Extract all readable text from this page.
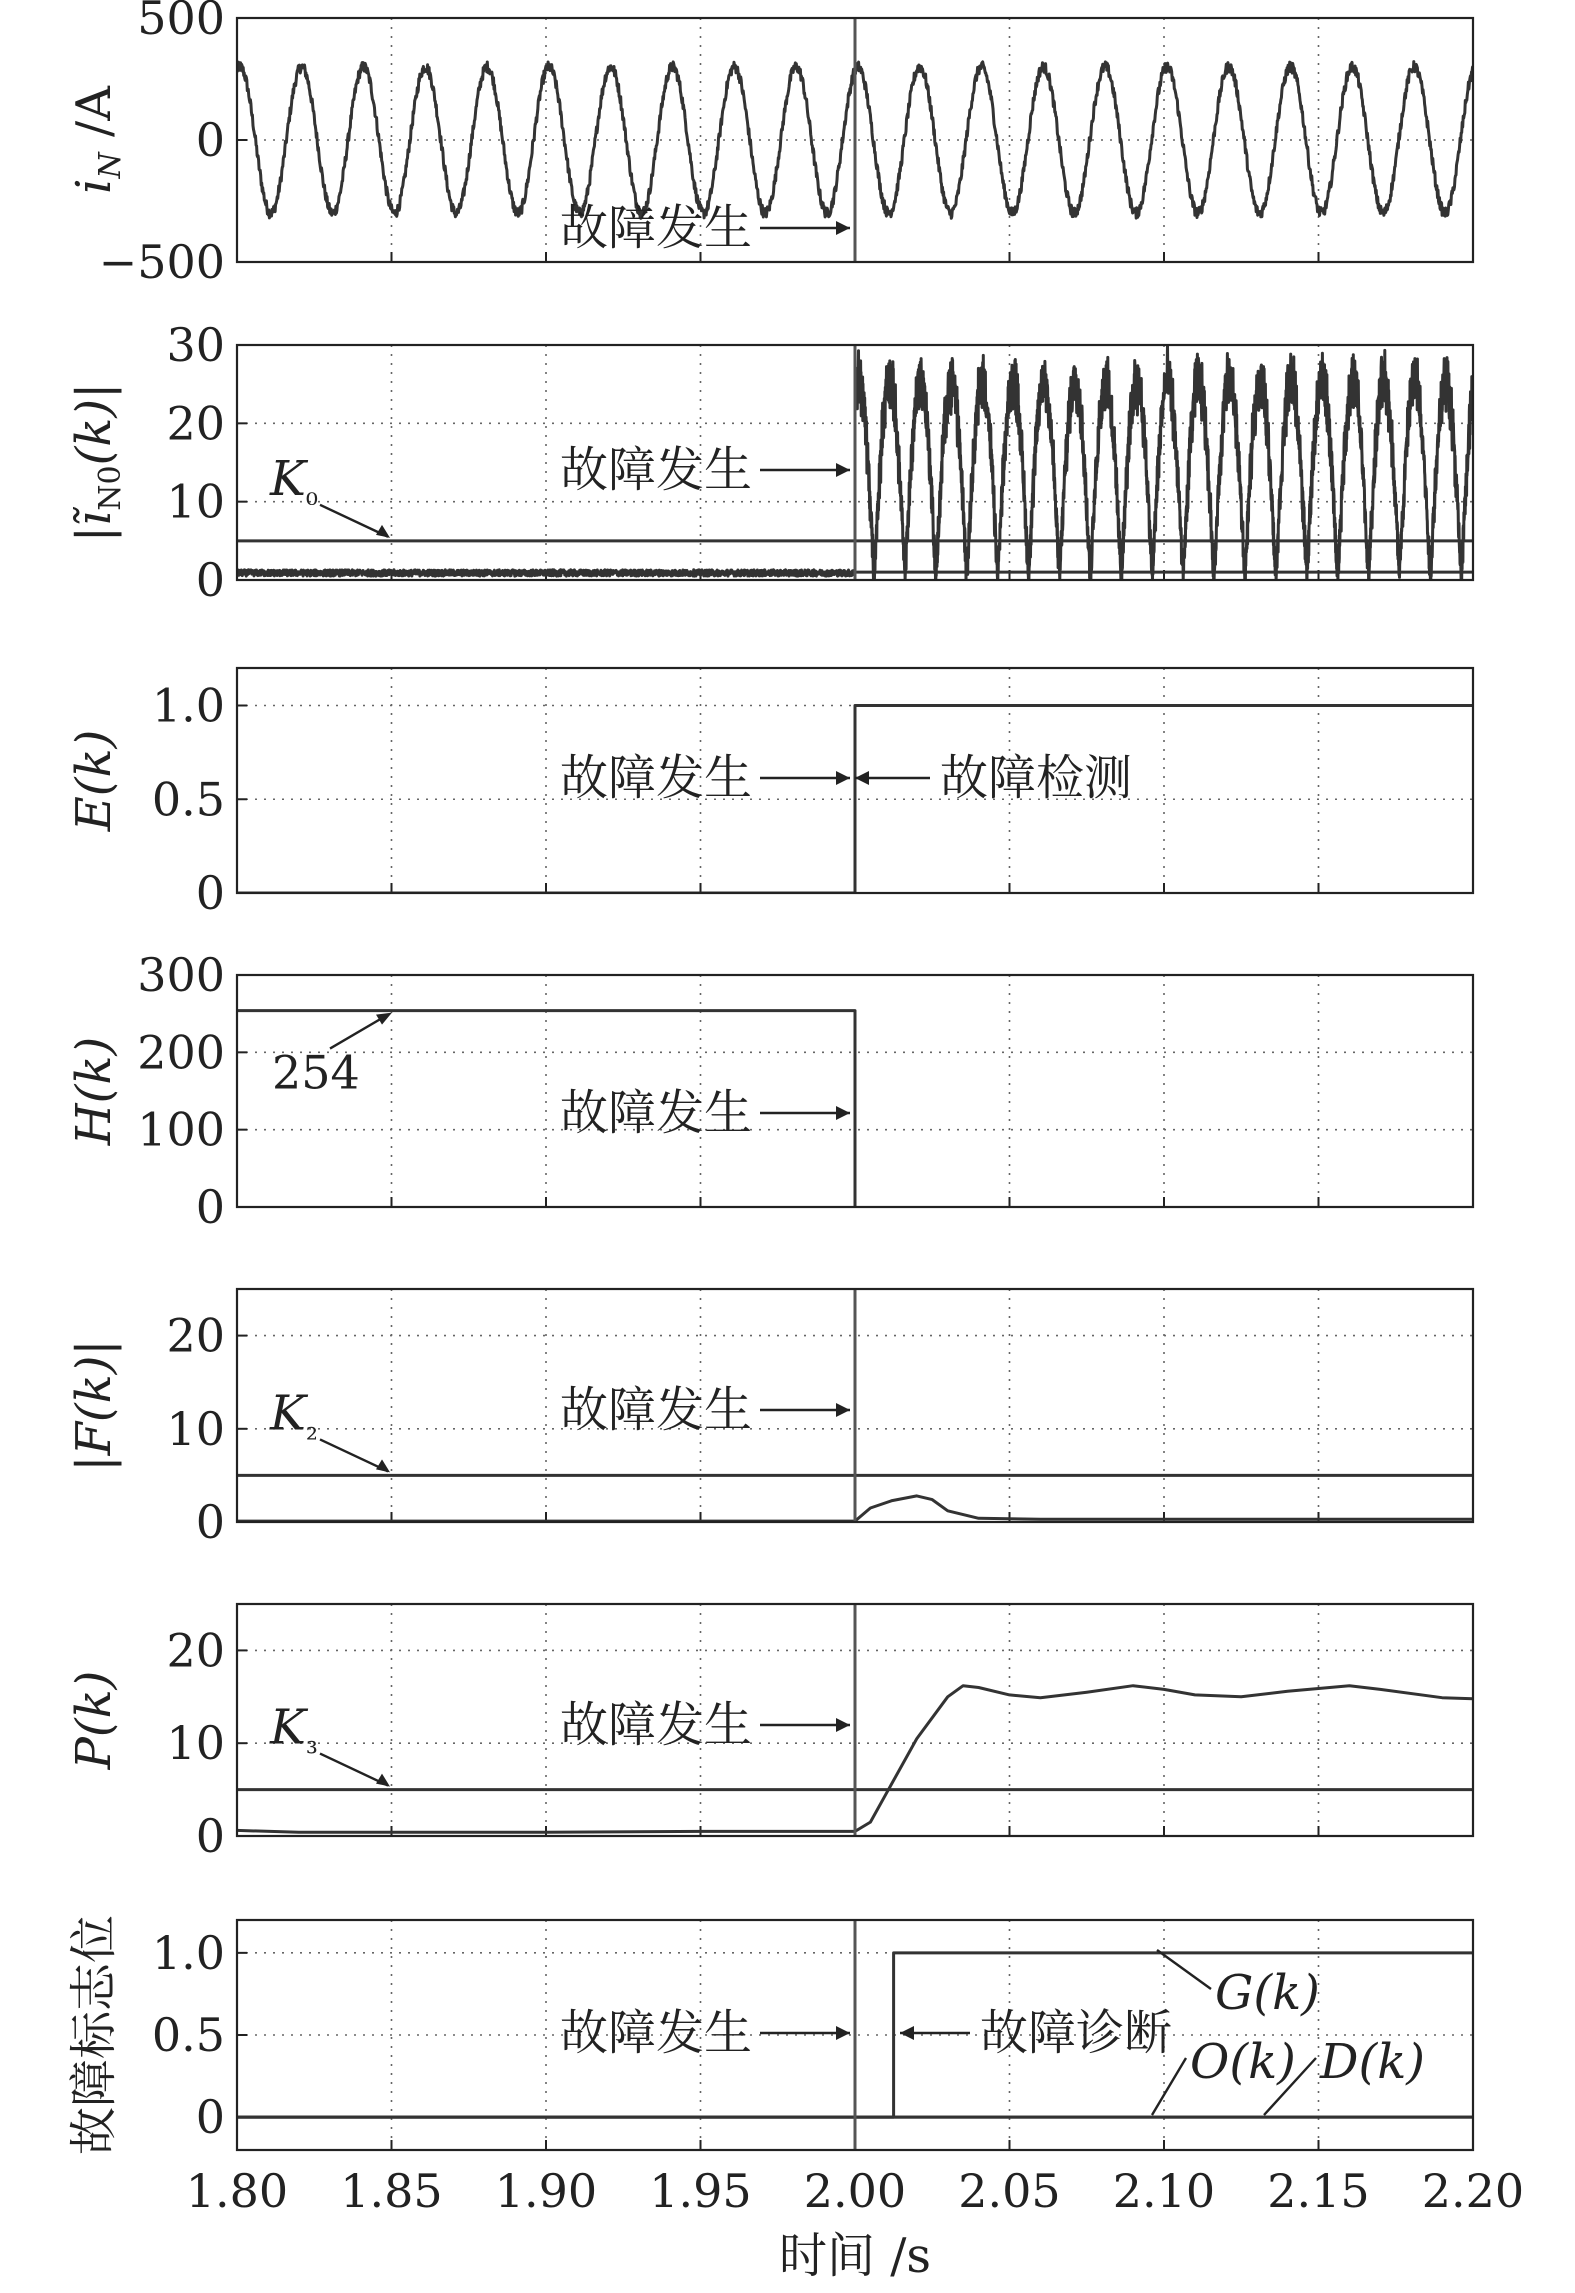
500
0
−500
$i_N$ /A
故障发生
30
20
10
0
$|ĩ_{N0}(k)|$
故障发生
$K_{_0}$
1.0
0.5
0
E(k)	故障发生	故障检测
300
200
100
0
H(k)	故障发生
254
20
10
0
|F(k)|	故障发生
$K_{_2}$
20
10
0
P(k)	故障发生
$K_{_3}$
1.0
0.5
0
故障标志位	故障发生	故障诊断
G(k)
O(k) D(k)
1.80 1.85 1.90 1.95 2.00 2.05 2.10 2.15 2.20
时间 /s
